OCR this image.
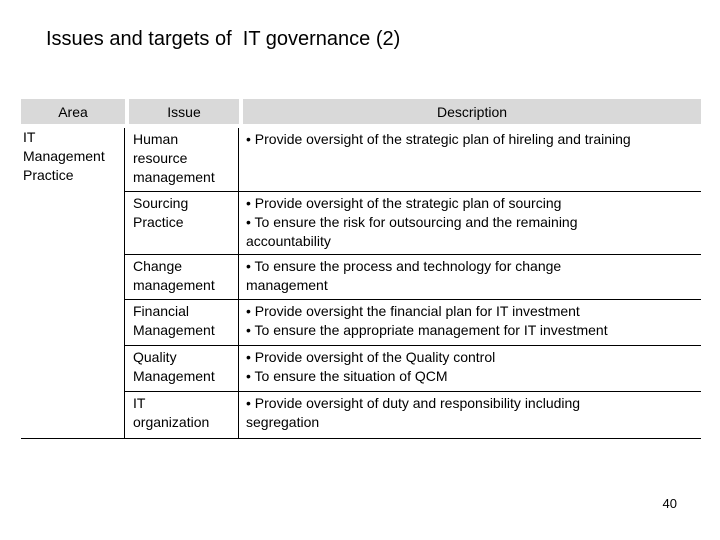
Issues and targets of  IT governance (2)
Area	Issue	Description
IT
Management
Practice
Human
resource
management
• Provide oversight of the strategic plan of hireling and training
Sourcing
Practice
• Provide oversight of the strategic plan of sourcing
• To ensure the risk for outsourcing and the remaining
accountability
Change
management
• To ensure the process and technology for change
management
Financial
Management
• Provide oversight the financial plan for IT investment
• To ensure the appropriate management for IT investment
Quality
Management
• Provide oversight of the Quality control
• To ensure the situation of QCM
IT
organization
• Provide oversight of duty and responsibility including
segregation
40
